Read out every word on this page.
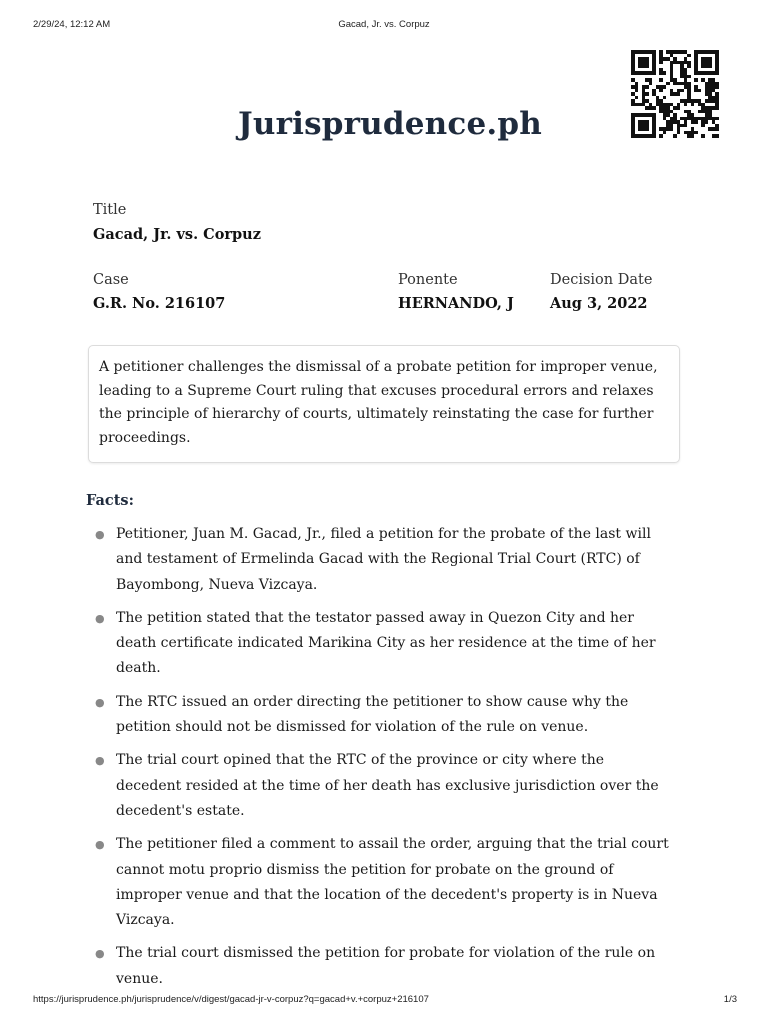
2/29/24, 12:12 AM	Gacad, Jr. vs. Corpuz
Jurisprudence.ph
Title
Gacad, Jr. vs. Corpuz
Case
G.R. No. 216107
Ponente
HERNANDO, J
Decision Date
Aug 3, 2022
A petitioner challenges the dismissal of a probate petition for improper venue, leading to a Supreme Court ruling that excuses procedural errors and relaxes the principle of hierarchy of courts, ultimately reinstating the case for further proceedings.
Facts:
● Petitioner, Juan M. Gacad, Jr., filed a petition for the probate of the last will and testament of Ermelinda Gacad with the Regional Trial Court (RTC) of Bayombong, Nueva Vizcaya.
● The petition stated that the testator passed away in Quezon City and her death certificate indicated Marikina City as her residence at the time of her death.
● The RTC issued an order directing the petitioner to show cause why the petition should not be dismissed for violation of the rule on venue.
● The trial court opined that the RTC of the province or city where the decedent resided at the time of her death has exclusive jurisdiction over the decedent's estate.
● The petitioner filed a comment to assail the order, arguing that the trial court cannot motu proprio dismiss the petition for probate on the ground of improper venue and that the location of the decedent's property is in Nueva Vizcaya.
● The trial court dismissed the petition for probate for violation of the rule on venue.
https://jurisprudence.ph/jurisprudence/v/digest/gacad-jr-v-corpuz?q=gacad+v.+corpuz+216107	1/3
